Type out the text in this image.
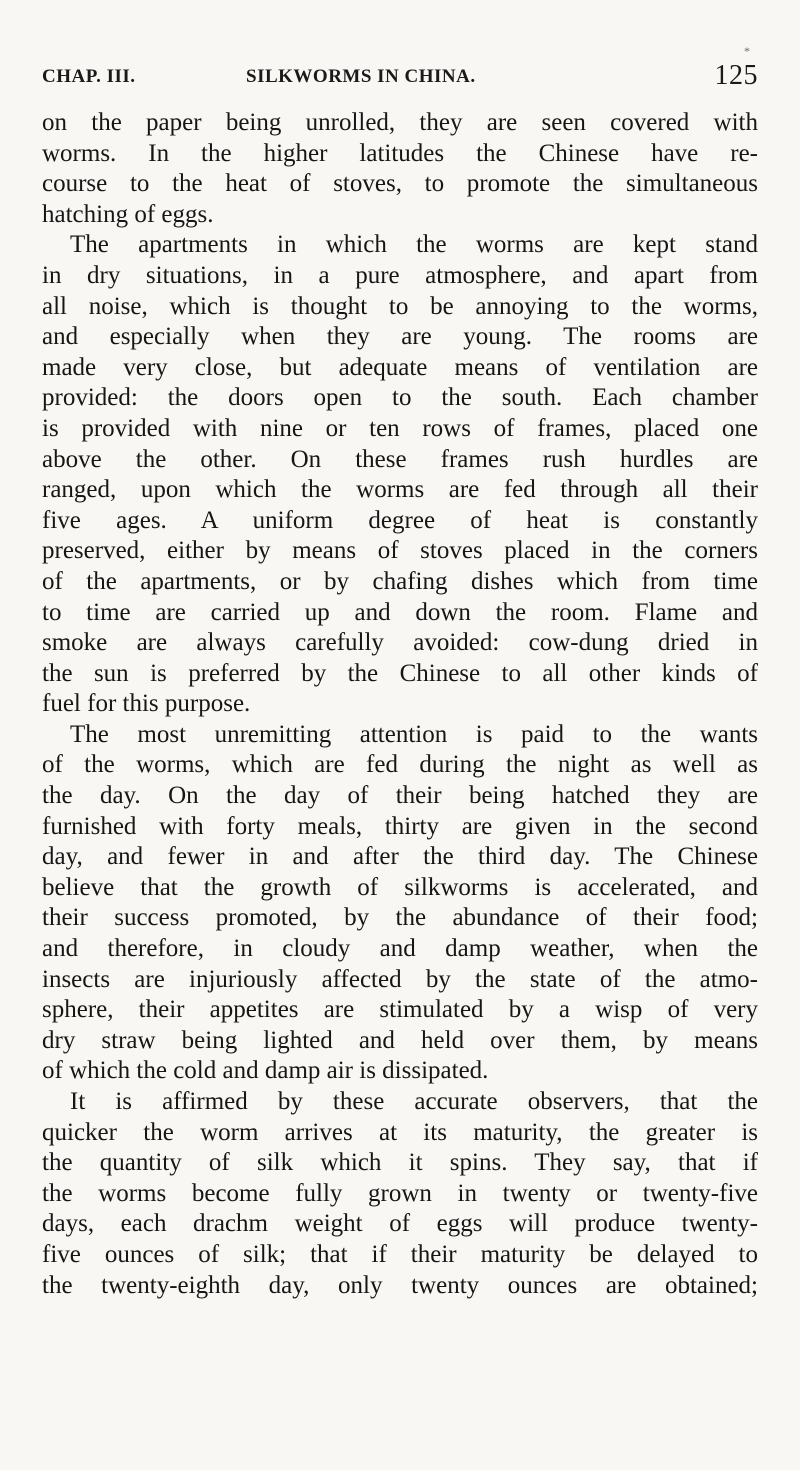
CHAP. III.	SILKWORMS IN CHINA.
*
125
on the paper being unrolled, they are seen covered with
worms. In the higher latitudes the Chinese have re-
course to the heat of stoves, to promote the simultaneous
hatching of eggs.
The apartments in which the worms are kept stand
in dry situations, in a pure atmosphere, and apart from
all noise, which is thought to be annoying to the worms,
and especially when they are young. The rooms are
made very close, but adequate means of ventilation are
provided: the doors open to the south. Each chamber
is provided with nine or ten rows of frames, placed one
above the other. On these frames rush hurdles are
ranged, upon which the worms are fed through all their
five ages. A uniform degree of heat is constantly
preserved, either by means of stoves placed in the corners
of the apartments, or by chafing dishes which from time
to time are carried up and down the room. Flame and
smoke are always carefully avoided: cow-dung dried in
the sun is preferred by the Chinese to all other kinds of
fuel for this purpose.
The most unremitting attention is paid to the wants
of the worms, which are fed during the night as well as
the day. On the day of their being hatched they are
furnished with forty meals, thirty are given in the second
day, and fewer in and after the third day. The Chinese
believe that the growth of silkworms is accelerated, and
their success promoted, by the abundance of their food;
and therefore, in cloudy and damp weather, when the
insects are injuriously affected by the state of the atmo-
sphere, their appetites are stimulated by a wisp of very
dry straw being lighted and held over them, by means
of which the cold and damp air is dissipated.
It is affirmed by these accurate observers, that the
quicker the worm arrives at its maturity, the greater is
the quantity of silk which it spins. They say, that if
the worms become fully grown in twenty or twenty-five
days, each drachm weight of eggs will produce twenty-
five ounces of silk; that if their maturity be delayed to
the twenty-eighth day, only twenty ounces are obtained;
